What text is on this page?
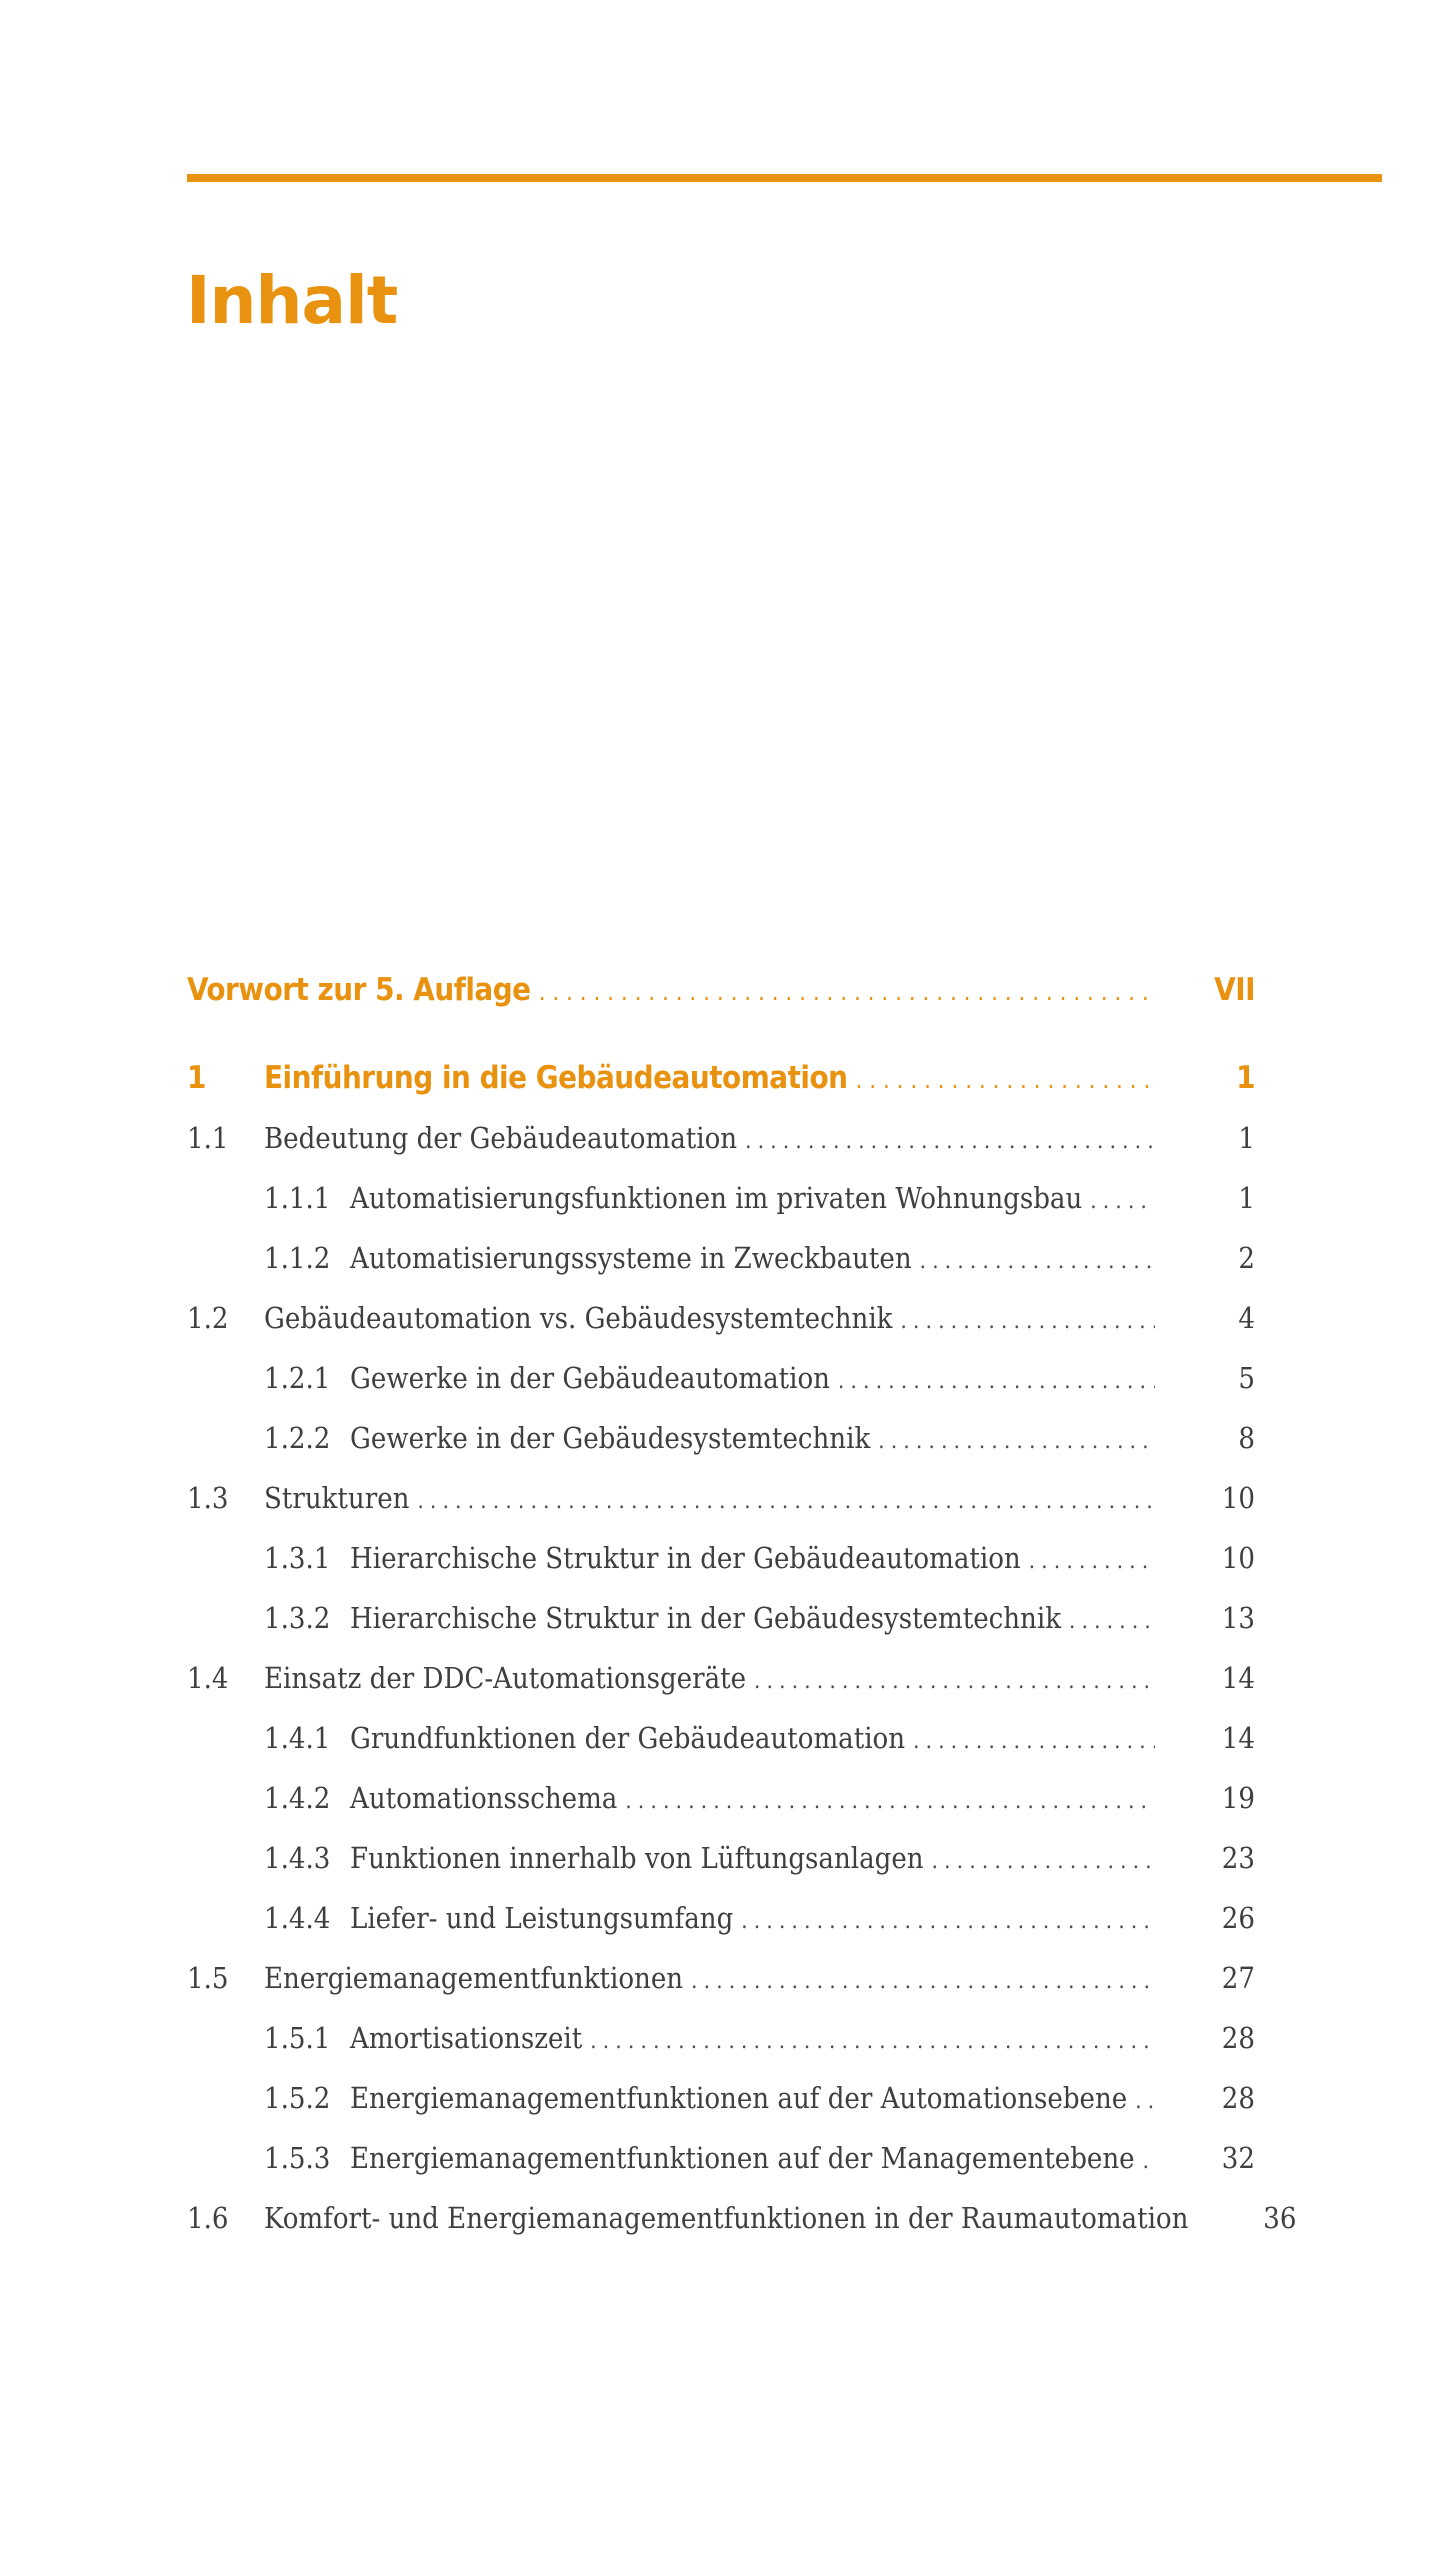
Inhalt
Vorwort zur 5. Auflage . . .	VII
1	Einführung in die Gebäudeautomation . . .	1
1.1	Bedeutung der Gebäudeautomation . . .	1
1.1.1 Automatisierungsfunktionen im privaten Wohnungsbau . . .	1
1.1.2 Automatisierungssysteme in Zweckbauten . . .	2
1.2	Gebäudeautomation vs. Gebäudesystemtechnik . . .	4
1.2.1 Gewerke in der Gebäudeautomation . . .	5
1.2.2 Gewerke in der Gebäudesystemtechnik . . .	8
1.3	Strukturen . . .	10
1.3.1 Hierarchische Struktur in der Gebäudeautomation . . .	10
1.3.2 Hierarchische Struktur in der Gebäudesystemtechnik . . .	13
1.4	Einsatz der DDC-Automationsgeräte . . .	14
1.4.1 Grundfunktionen der Gebäudeautomation . . .	14
1.4.2 Automationsschema . . .	19
1.4.3 Funktionen innerhalb von Lüftungsanlagen . . .	23
1.4.4 Liefer- und Leistungsumfang . . .	26
1.5	Energiemanagementfunktionen . . .	27
1.5.1 Amortisationszeit . . .	28
1.5.2 Energiemanagementfunktionen auf der Automationsebene . . .	28
1.5.3 Energiemanagementfunktionen auf der Managementebene . . .	32
1.6	Komfort- und Energiemanagementfunktionen in der Raumautomation	36
